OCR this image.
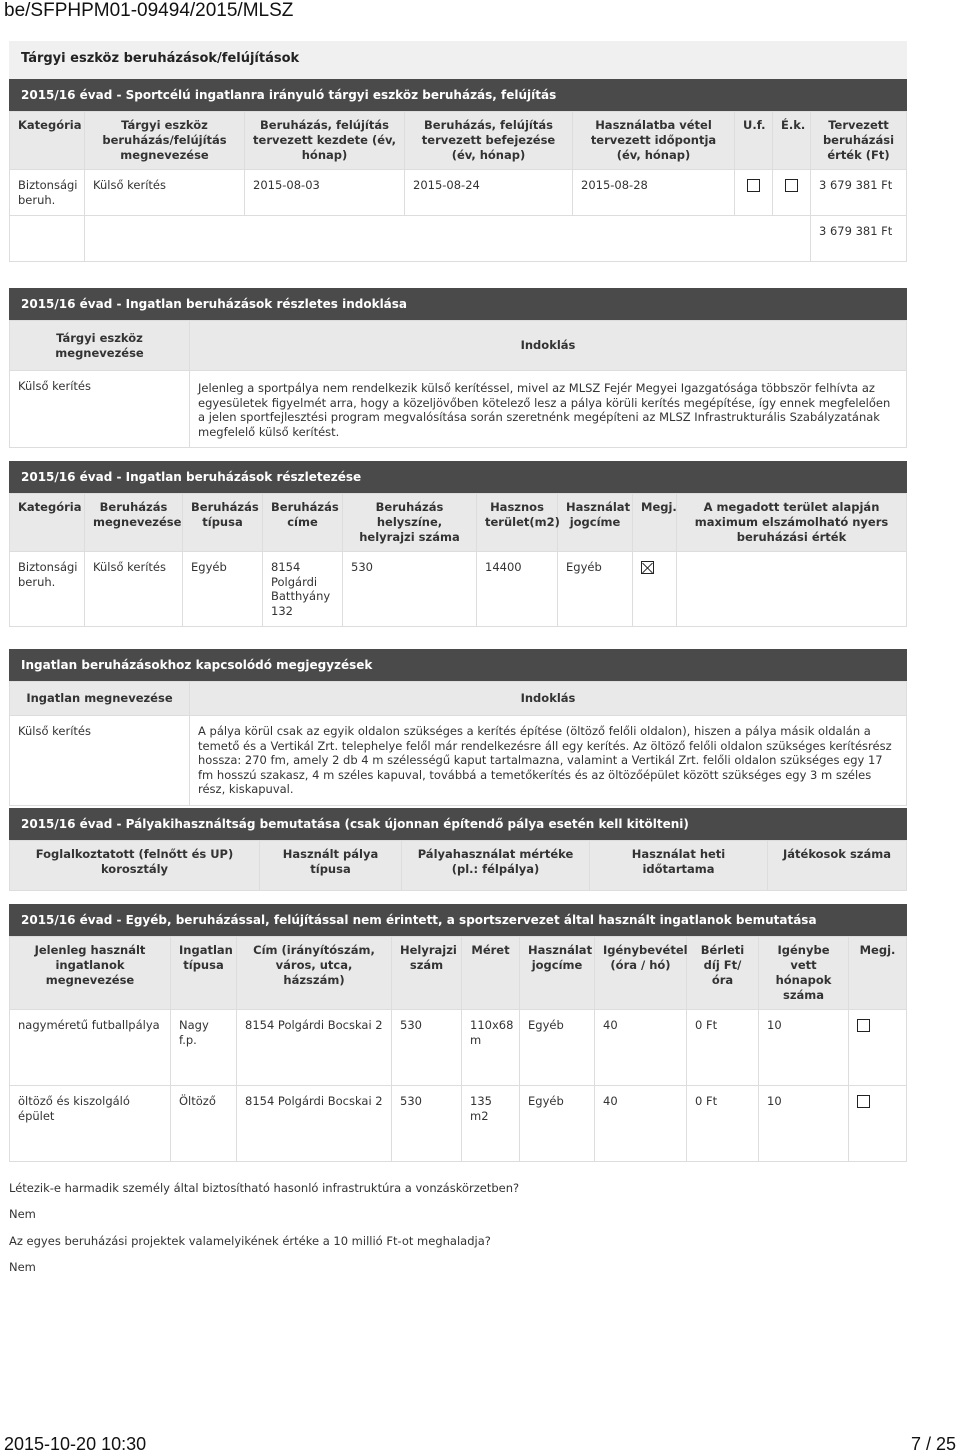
be/SFPHPM01-09494/2015/MLSZ
Tárgyi eszköz beruházások/felújítások
2015/16 évad - Sportcélú ingatlanra irányuló tárgyi eszköz beruházás, felújítás
Kategória	Tárgyi eszköz beruházás/felújítás megnevezése	Beruházás, felújítás tervezett kezdete (év, hónap)	Beruházás, felújítás tervezett befejezése (év, hónap)	Használatba vétel tervezett időpontja (év, hónap)	U.f.	É.k.	Tervezett beruházási érték (Ft)
Biztonsági beruh.	Külső kerítés	2015-08-03	2015-08-24	2015-08-28			3 679 381 Ft
							3 679 381 Ft
2015/16 évad - Ingatlan beruházások részletes indoklása
Tárgyi eszköz megnevezése	Indoklás
Külső kerítés	Jelenleg a sportpálya nem rendelkezik külső kerítéssel, mivel az MLSZ Fejér Megyei Igazgatósága többször felhívta az egyesületek figyelmét arra, hogy a közeljövőben kötelező lesz a pálya körüli kerítés megépítése, így ennek megfelelően a jelen sportfejlesztési program megvalósítása során szeretnénk megépíteni az MLSZ Infrastrukturális Szabályzatának megfelelő külső kerítést.
2015/16 évad - Ingatlan beruházások részletezése
Kategória	Beruházás megnevezése	Beruházás típusa	Beruházás címe	Beruházás helyszíne, helyrajzi száma	Hasznos terület(m2)	Használat jogcíme	Megj.	A megadott terület alapján maximum elszámolható nyers beruházási érték
Biztonsági beruh.	Külső kerítés	Egyéb	8154 Polgárdi Batthyány 132	530	14400	Egyéb		
Ingatlan beruházásokhoz kapcsolódó megjegyzések
Ingatlan megnevezése	Indoklás
Külső kerítés	A pálya körül csak az egyik oldalon szükséges a kerítés építése (öltöző felőli oldalon), hiszen a pálya másik oldalán a temető és a Vertikál Zrt. telephelye felől már rendelkezésre áll egy kerítés. Az öltöző felőli oldalon szükséges kerítésrész hossza: 270 fm, amely 2 db 4 m szélességű kaput tartalmazna, valamint a Vertikál Zrt. felőli oldalon szükséges egy 17 fm hosszú szakasz, 4 m széles kapuval, továbbá a temetőkerítés és az öltözőépület között szükséges egy 3 m széles rész, kiskapuval.
2015/16 évad - Pályakihasználtság bemutatása (csak újonnan építendő pálya esetén kell kitölteni)
Foglalkoztatott (felnőtt és UP) korosztály	Használt pálya típusa	Pályahasználat mértéke (pl.: félpálya)	Használat heti időtartama	Játékosok száma
2015/16 évad - Egyéb, beruházással, felújítással nem érintett, a sportszervezet által használt ingatlanok bemutatása
Jelenleg használt ingatlanok megnevezése	Ingatlan típusa	Cím (irányítószám, város, utca, házszám)	Helyrajzi szám	Méret	Használat jogcíme	Igénybevétel (óra / hó)	Bérleti díj Ft/óra	Igénybe vett hónapok száma	Megj.
nagyméretű futballpálya	Nagy f.p.	8154 Polgárdi Bocskai 2	530	110x68 m	Egyéb	40	0 Ft	10	
öltöző és kiszolgáló épület	Öltöző	8154 Polgárdi Bocskai 2	530	135 m2	Egyéb	40	0 Ft	10	
Létezik-e harmadik személy által biztosítható hasonló infrastruktúra a vonzáskörzetben?
Nem
Az egyes beruházási projektek valamelyikének értéke a 10 millió Ft-ot meghaladja?
Nem
2015-10-20 10:30	7 / 25
